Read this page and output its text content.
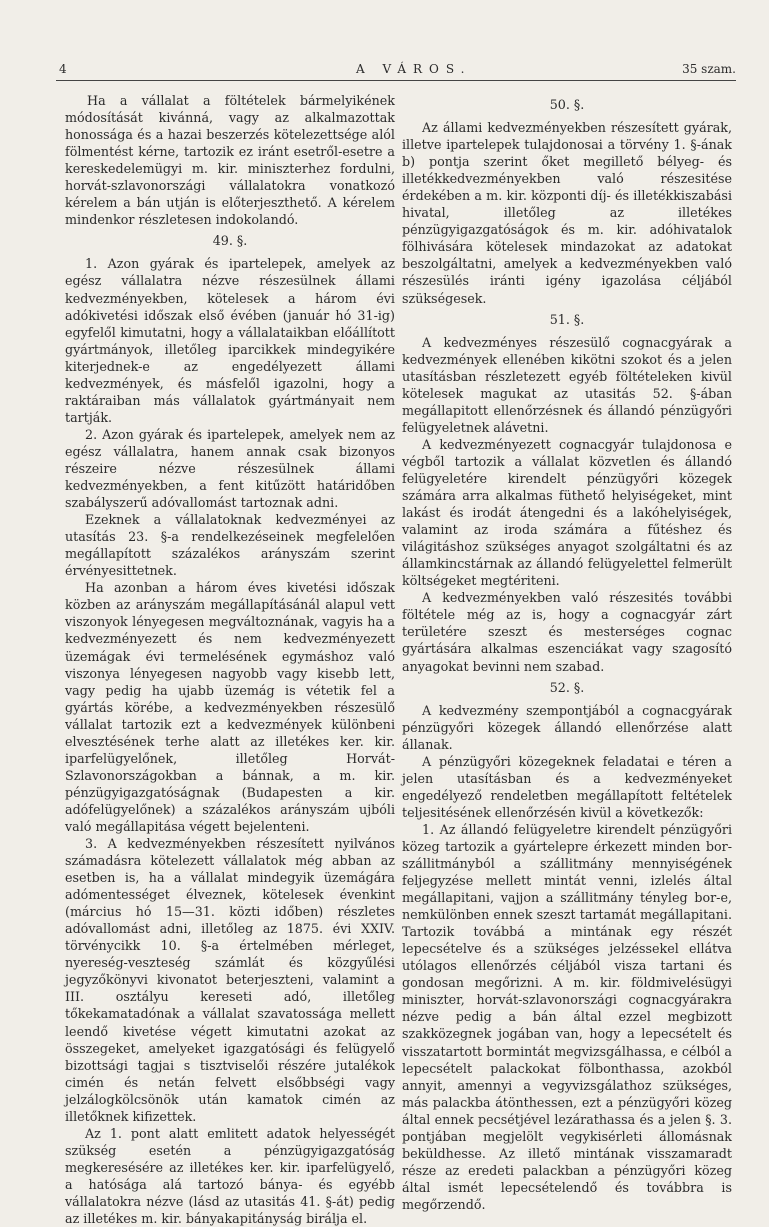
4	A VÁROS.	35 szam.

Ha a vállalat a föltételek bármelyikének módosítását kivánná, vagy az alkalmazottak honossága és a hazai beszerzés kötelezettsége alól fölmentést kérne, tartozik ez iránt esetről-esetre a kereskedelemügyi m. kir. miniszterhez fordulni, horvát-szlavonországi vállalatokra vonatkozó kérelem a bán utján is előterjeszthető. A kérelem mindenkor részletesen indokolandó.

49. §.

1. Azon gyárak és ipartelepek, amelyek az egész vállalatra nézve részesülnek állami kedvezményekben, kötelesek a három évi adókivetési időszak első évében (január hó 31-ig) egyfelől kimutatni, hogy a vállalataikban előállított gyártmányok, illetőleg iparcikkek mindegyikére kiterjednek-e az engedélyezett állami kedvezmények, és másfelől igazolni, hogy a raktáraiban más vállalatok gyártmányait nem tartják.

2. Azon gyárak és ipartelepek, amelyek nem az egész vállalatra, hanem annak csak bizonyos részeire nézve részesülnek állami kedvezményekben, a fent kitűzött határidőben szabályszerű adóvallomást tartoznak adni.

Ezeknek a vállalatoknak kedvezményei az utasítás 23. §-a rendelkezéseinek megfelelően megállapított százalékos arányszám szerint érvényesittetnek.

Ha azonban a három éves kivetési időszak közben az arányszám megállapításánál alapul vett viszonyok lényegesen megváltoznának, vagyis ha a kedvezményezett és nem kedvezményezett üzemágak évi termelésének egymáshoz való viszonya lényegesen nagyobb vagy kisebb lett, vagy pedig ha ujabb üzemág is vétetik fel a gyártás körébe, a kedvezményekben részesülő vállalat tartozik ezt a kedvezmények különbeni elvesztésének terhe alatt az illetékes ker. kir. iparfelügyelőnek, illetőleg Horvát-Szlavonországokban a bánnak, a m. kir. pénzügyigazgatóságnak (Budapesten a kir. adófelügyelőnek) a százalékos arányszám ujbóli való megállapitása végett bejelenteni.

3. A kedvezményekben részesített nyilvános számadásra kötelezett vállalatok még abban az esetben is, ha a vállalat mindegyik üzemágára adómentességet élveznek, kötelesek évenkint (március hó 15—31. közti időben) részletes adóvallomást adni, illetőleg az 1875. évi XXIV. törvénycikk 10. §-a értelmében mérleget, nyereség-veszteség számlát és közgyűlési jegyzőkönyvi kivonatot beterjeszteni, valamint a III. osztályu kereseti adó, illetőleg tőkekamatadónak a vállalat szavatossága mellett leendő kivetése végett kimutatni azokat az összegeket, amelyeket igazgatósági és felügyelő bizottsági tagjai s tisztviselői részére jutalékok cimén és netán felvett elsőbbségi vagy jelzálogkölcsönök után kamatok cimén az illetőknek kifizettek.

Az 1. pont alatt emlitett adatok helyességét szükség esetén a pénzügyigazgatóság megkeresésére az illetékes ker. kir. iparfelügyelő, a hatósága alá tartozó bánya- és egyébb vállalatokra nézve (lásd az utasitás 41. §-át) pedig az illetékes m. kir. bányakapitányság birálja el.

50. §.

Az állami kedvezményekben részesített gyárak, illetve ipartelepek tulajdonosai a törvény 1. §-ának b) pontja szerint őket megillető bélyeg- és illetékkedvezményekben való részesitése érdekében a m. kir. központi díj- és illetékkiszabási hivatal, illetőleg az illetékes pénzügyigazgatóságok és m. kir. adóhivatalok fölhivására kötelesek mindazokat az adatokat beszolgáltatni, amelyek a kedvezményekben való részesülés iránti igény igazolása céljából szükségesek.

51. §.

A kedvezményes részesülő cognacgyárak a kedvezmények ellenében kikötni szokot és a jelen utasításban részletezett egyéb föltételeken kivül kötelesek magukat az utasitás 52. §-ában megállapitott ellenőrzésnek és állandó pénzügyőri felügyeletnek alávetni.

A kedvezményezett cognacgyár tulajdonosa e végből tartozik a vállalat közvetlen és állandó felügyeletére kirendelt pénzügyőri közegek számára arra alkalmas füthető helyiségeket, mint lakást és irodát átengedni és a lakóhelyiségek, valamint az iroda számára a fűtéshez és világitáshoz szükséges anyagot szolgáltatni és az államkincstárnak az állandó felügyelettel felmerült költségeket megtériteni.

A kedvezményekben való részesités további föltétele még az is, hogy a cognacgyár zárt területére szeszt és mesterséges cognac gyártására alkalmas eszenciákat vagy szagosító anyagokat bevinni nem szabad.

52. §.

A kedvezmény szempontjából a cognacgyárak pénzügyőri közegek állandó ellenőrzése alatt állanak.

A pénzügyőri közegeknek feladatai e téren a jelen utasításban és a kedvezményeket engedélyező rendeletben megállapított feltételek teljesitésének ellenőrzésén kivül a következők:

1. Az állandó felügyeletre kirendelt pénzügyőri közeg tartozik a gyártelepre érkezett minden bor-szállitmányból a szállitmány mennyiségének feljegyzése mellett mintát venni, izlelés által megállapitani, vajjon a szállitmány tényleg bor-e, nemkülönben ennek szeszt tartamát megállapitani. Tartozik továbbá a mintának egy részét lepecsételve és a szükséges jelzéssekel ellátva utólagos ellenőrzés céljából visza tartani és gondosan megőrizni. A m. kir. földmivelésügyi miniszter, horvát-szlavonországi cognacgyárakra nézve pedig a bán által ezzel megbizott szakközegnek jogában van, hogy a lepecsételt és visszatartott bormintát megvizsgálhassa, e célból a lepecsételt palackokat fölbonthassa, azokból annyit, amennyi a vegyvizsgálathoz szükséges, más palackba átönthessen, ezt a pénzügyőri közeg által ennek pecsétjével lezárathassa és a jelen §. 3. pontjában megjelölt vegykisérleti állomásnak beküldhesse. Az illető mintának visszamaradt része az eredeti palackban a pénzügyőri közeg által ismét lepecsételendő és továbbra is megőrzendő.
